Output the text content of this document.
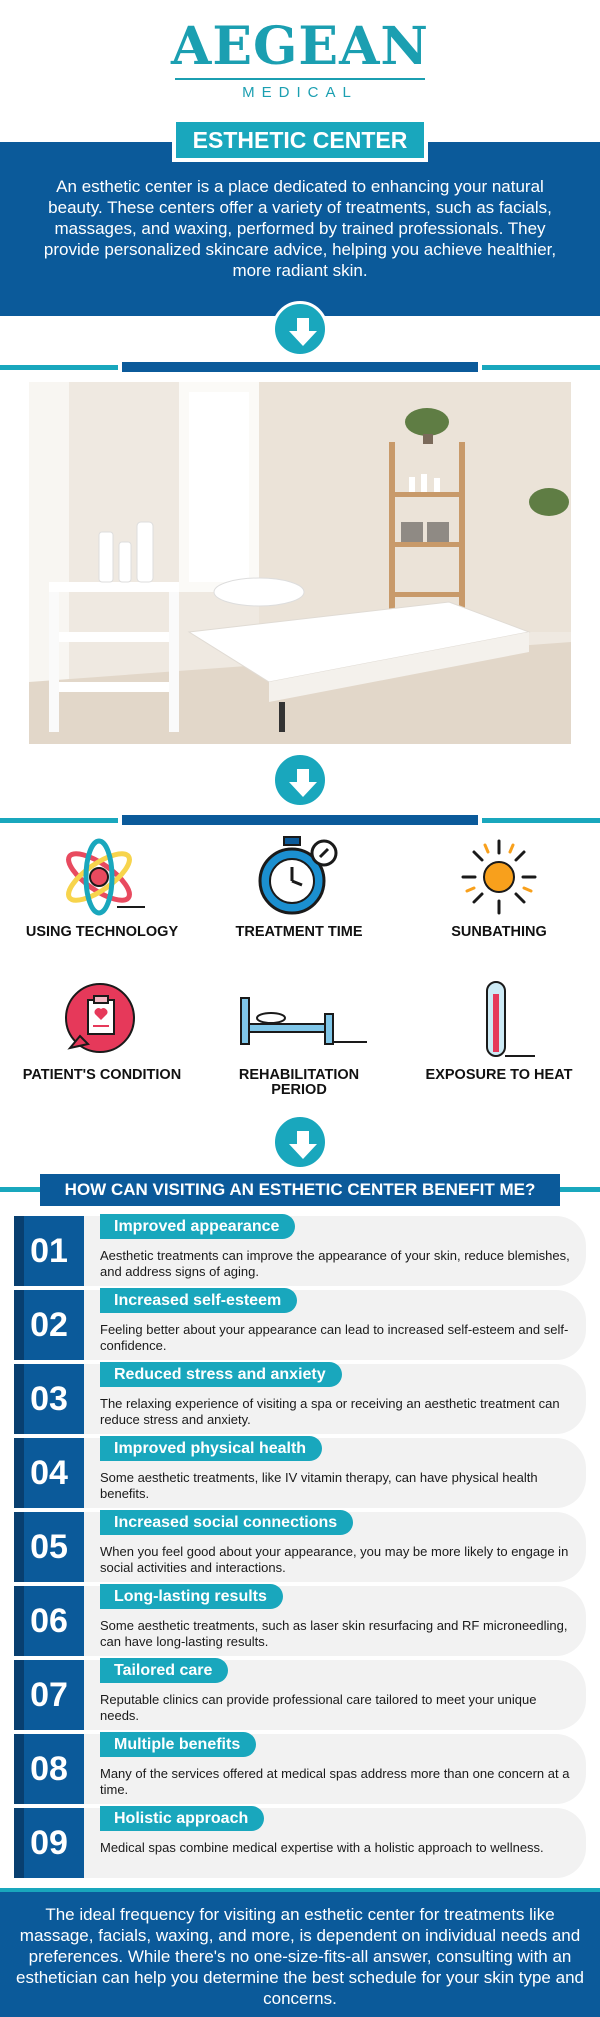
AEGEAN
MEDICAL
ESTHETIC CENTER
An esthetic center is a place dedicated to enhancing your natural beauty. These centers offer a variety of treatments, such as facials, massages, and waxing, performed by trained professionals. They provide personalized skincare advice, helping you achieve healthier, more radiant skin.
USING TECHNOLOGY	TREATMENT TIME	SUNBATHING
PATIENT'S CONDITION	REHABILITATION PERIOD
EXPOSURE TO HEAT
HOW CAN VISITING AN ESTHETIC CENTER BENEFIT ME?
01
Improved appearance
Aesthetic treatments can improve the appearance of your skin, reduce blemishes, and address signs of aging.
02
Increased self-esteem
Feeling better about your appearance can lead to increased self-esteem and self-confidence.
03
Reduced stress and anxiety
The relaxing experience of visiting a spa or receiving an aesthetic treatment can reduce stress and anxiety.
04
Improved physical health
Some aesthetic treatments, like IV vitamin therapy, can have physical health benefits.
05
Increased social connections
When you feel good about your appearance, you may be more likely to engage in social activities and interactions.
06
Long-lasting results
Some aesthetic treatments, such as laser skin resurfacing and RF microneedling, can have long-lasting results.
07
Tailored care
Reputable clinics can provide professional care tailored to meet your unique needs.
08
Multiple benefits
Many of the services offered at medical spas address more than one concern at a time.
09
Holistic approach
Medical spas combine medical expertise with a holistic approach to wellness.
The ideal frequency for visiting an esthetic center for treatments like massage, facials, waxing, and more, is dependent on individual needs and preferences. While there's no one-size-fits-all answer, consulting with an esthetician can help you determine the best schedule for your skin type and concerns.
